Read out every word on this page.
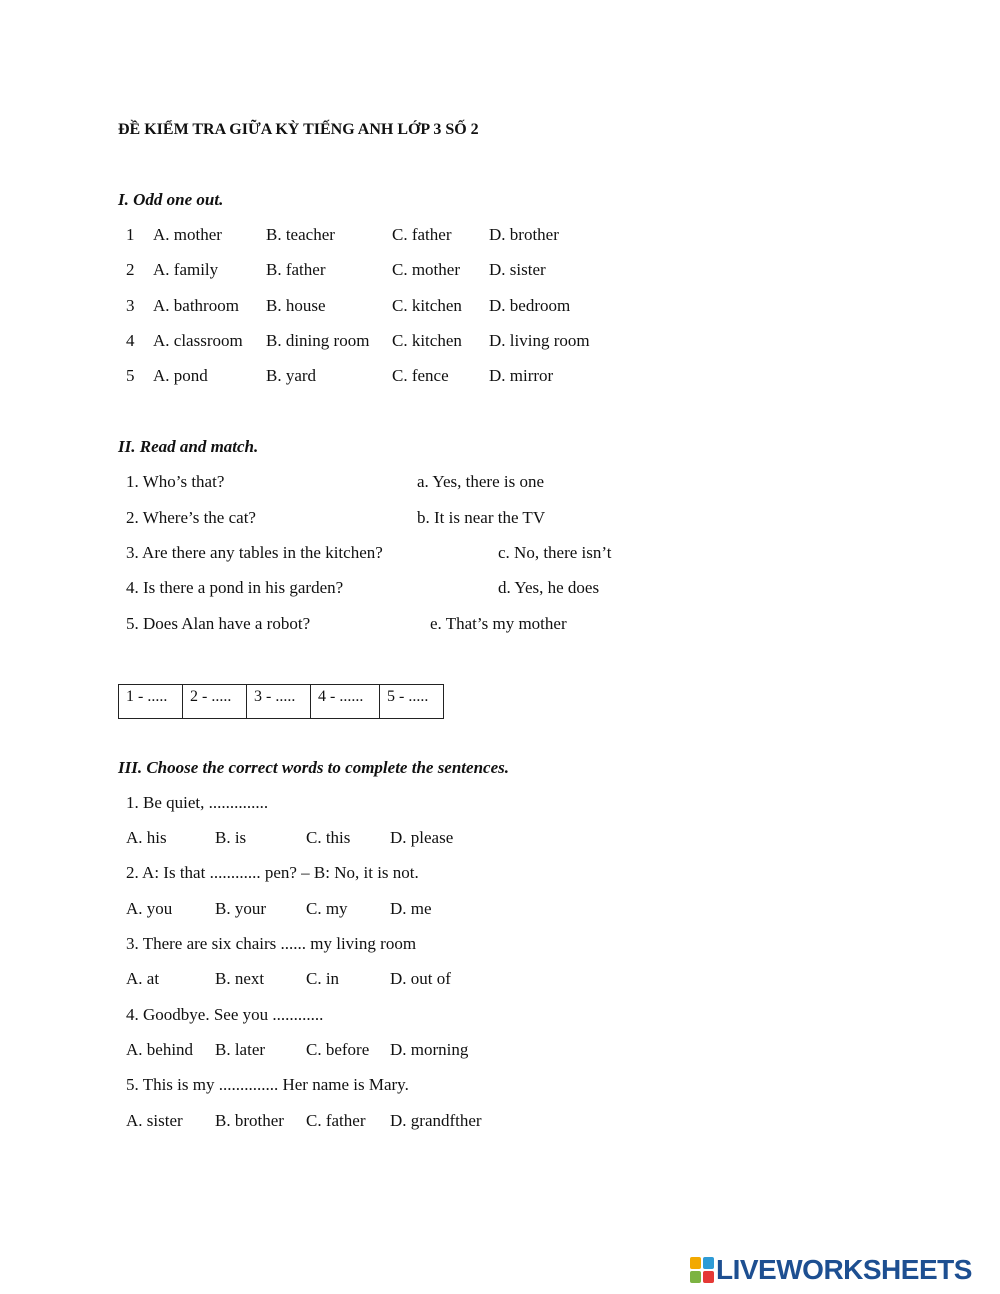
ĐỀ KIỂM TRA GIỮA KỲ TIẾNG ANH LỚP 3 SỐ 2
I. Odd one out.
1 A. mother	B. teacher	C. father D. brother
2 A. family	B. father	C. mother D. sister
3 A. bathroom B. house	C. kitchen D. bedroom
4 A. classroom B. dining room C. kitchen D. living room
5 A. pond	B. yard	C. fence D. mirror
II. Read and match.
1. Who’s that?	a. Yes, there is one
2. Where’s the cat?	b. It is near the TV
3. Are there any tables in the kitchen?	c. No, there isn’t
4. Is there a pond in his garden?	d. Yes, he does
5. Does Alan have a robot?	e. That’s my mother
1 - .....	2 - .....	3 - .....	4 - ......	5 - .....
III. Choose the correct words to complete the sentences.
1. Be quiet, ..............
A. his	B. is	C. this D. please
2. A: Is that ............ pen? – B: No, it is not.
A. you	B. your C. my D. me
3. There are six chairs ...... my living room
A. at	B. next C. in	D. out of
4. Goodbye. See you ............
A. behind B. later C. before D. morning
5. This is my .............. Her name is Mary.
A. sister B. brother C. father D. grandfther
LIVEWORKSHEETS
